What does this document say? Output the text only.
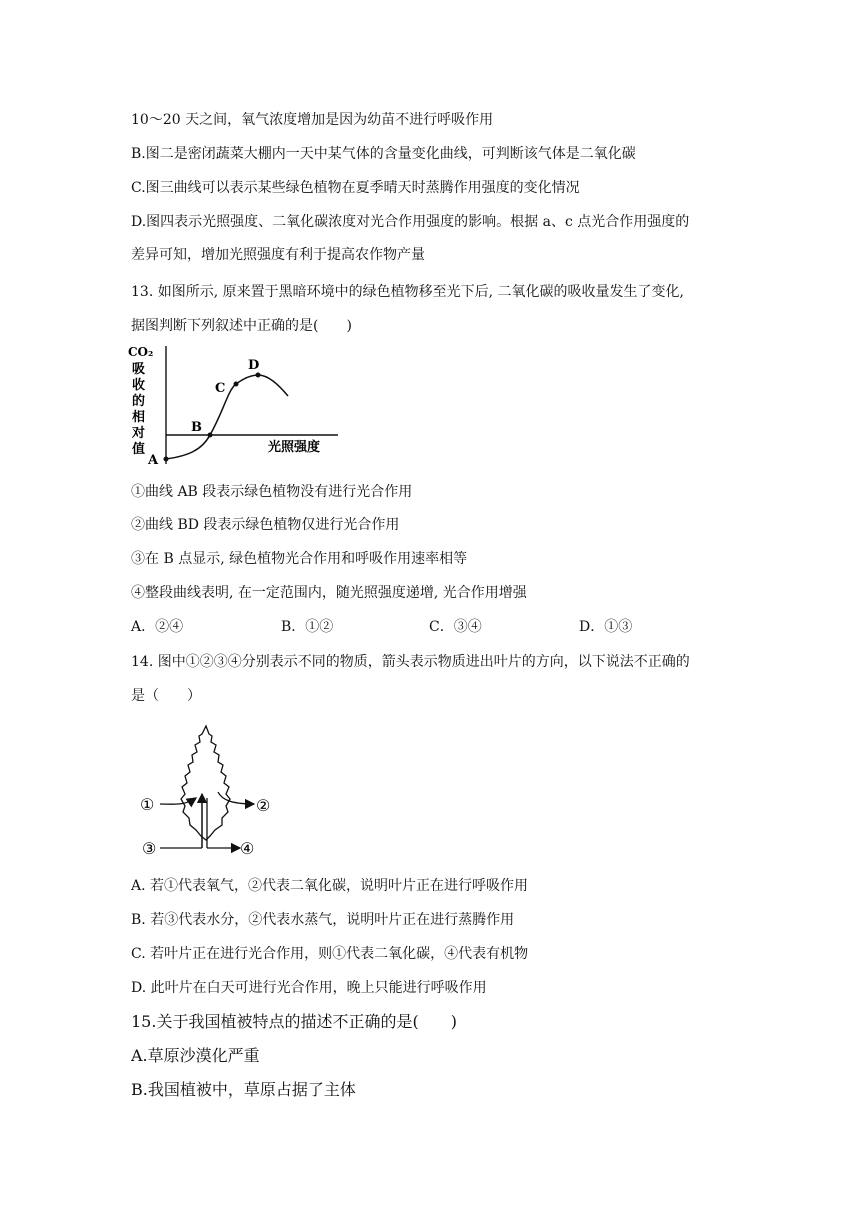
10～20 天之间，氧气浓度增加是因为幼苗不进行呼吸作用
B.图二是密闭蔬菜大棚内一天中某气体的含量变化曲线，可判断该气体是二氧化碳
C.图三曲线可以表示某些绿色植物在夏季晴天时蒸腾作用强度的变化情况
D.图四表示光照强度、二氧化碳浓度对光合作用强度的影响。根据 a、c 点光合作用强度的
差异可知，增加光照强度有利于提高农作物产量
13. 如图所示, 原来置于黑暗环境中的绿色植物移至光下后, 二氧化碳的吸收量发生了变化,
据图判断下列叙述中正确的是(　　)
CO₂
吸
收
的
相
对
值	光照强度
A
B
C
D
①曲线 AB 段表示绿色植物没有进行光合作用
②曲线 BD 段表示绿色植物仅进行光合作用
③在 B 点显示, 绿色植物光合作用和呼吸作用速率相等
④整段曲线表明, 在一定范围内，随光照强度递增, 光合作用增强
A．②④	B．①②	C．③④	D．①③
14. 图中①②③④分别表示不同的物质，箭头表示物质进出叶片的方向，以下说法不正确的
是（　　）
①	②
③	④
A. 若①代表氧气，②代表二氧化碳，说明叶片正在进行呼吸作用
B. 若③代表水分，②代表水蒸气，说明叶片正在进行蒸腾作用
C. 若叶片正在进行光合作用，则①代表二氧化碳，④代表有机物
D. 此叶片在白天可进行光合作用，晚上只能进行呼吸作用
15.关于我国植被特点的描述不正确的是(　　)
A.草原沙漠化严重
B.我国植被中，草原占据了主体
